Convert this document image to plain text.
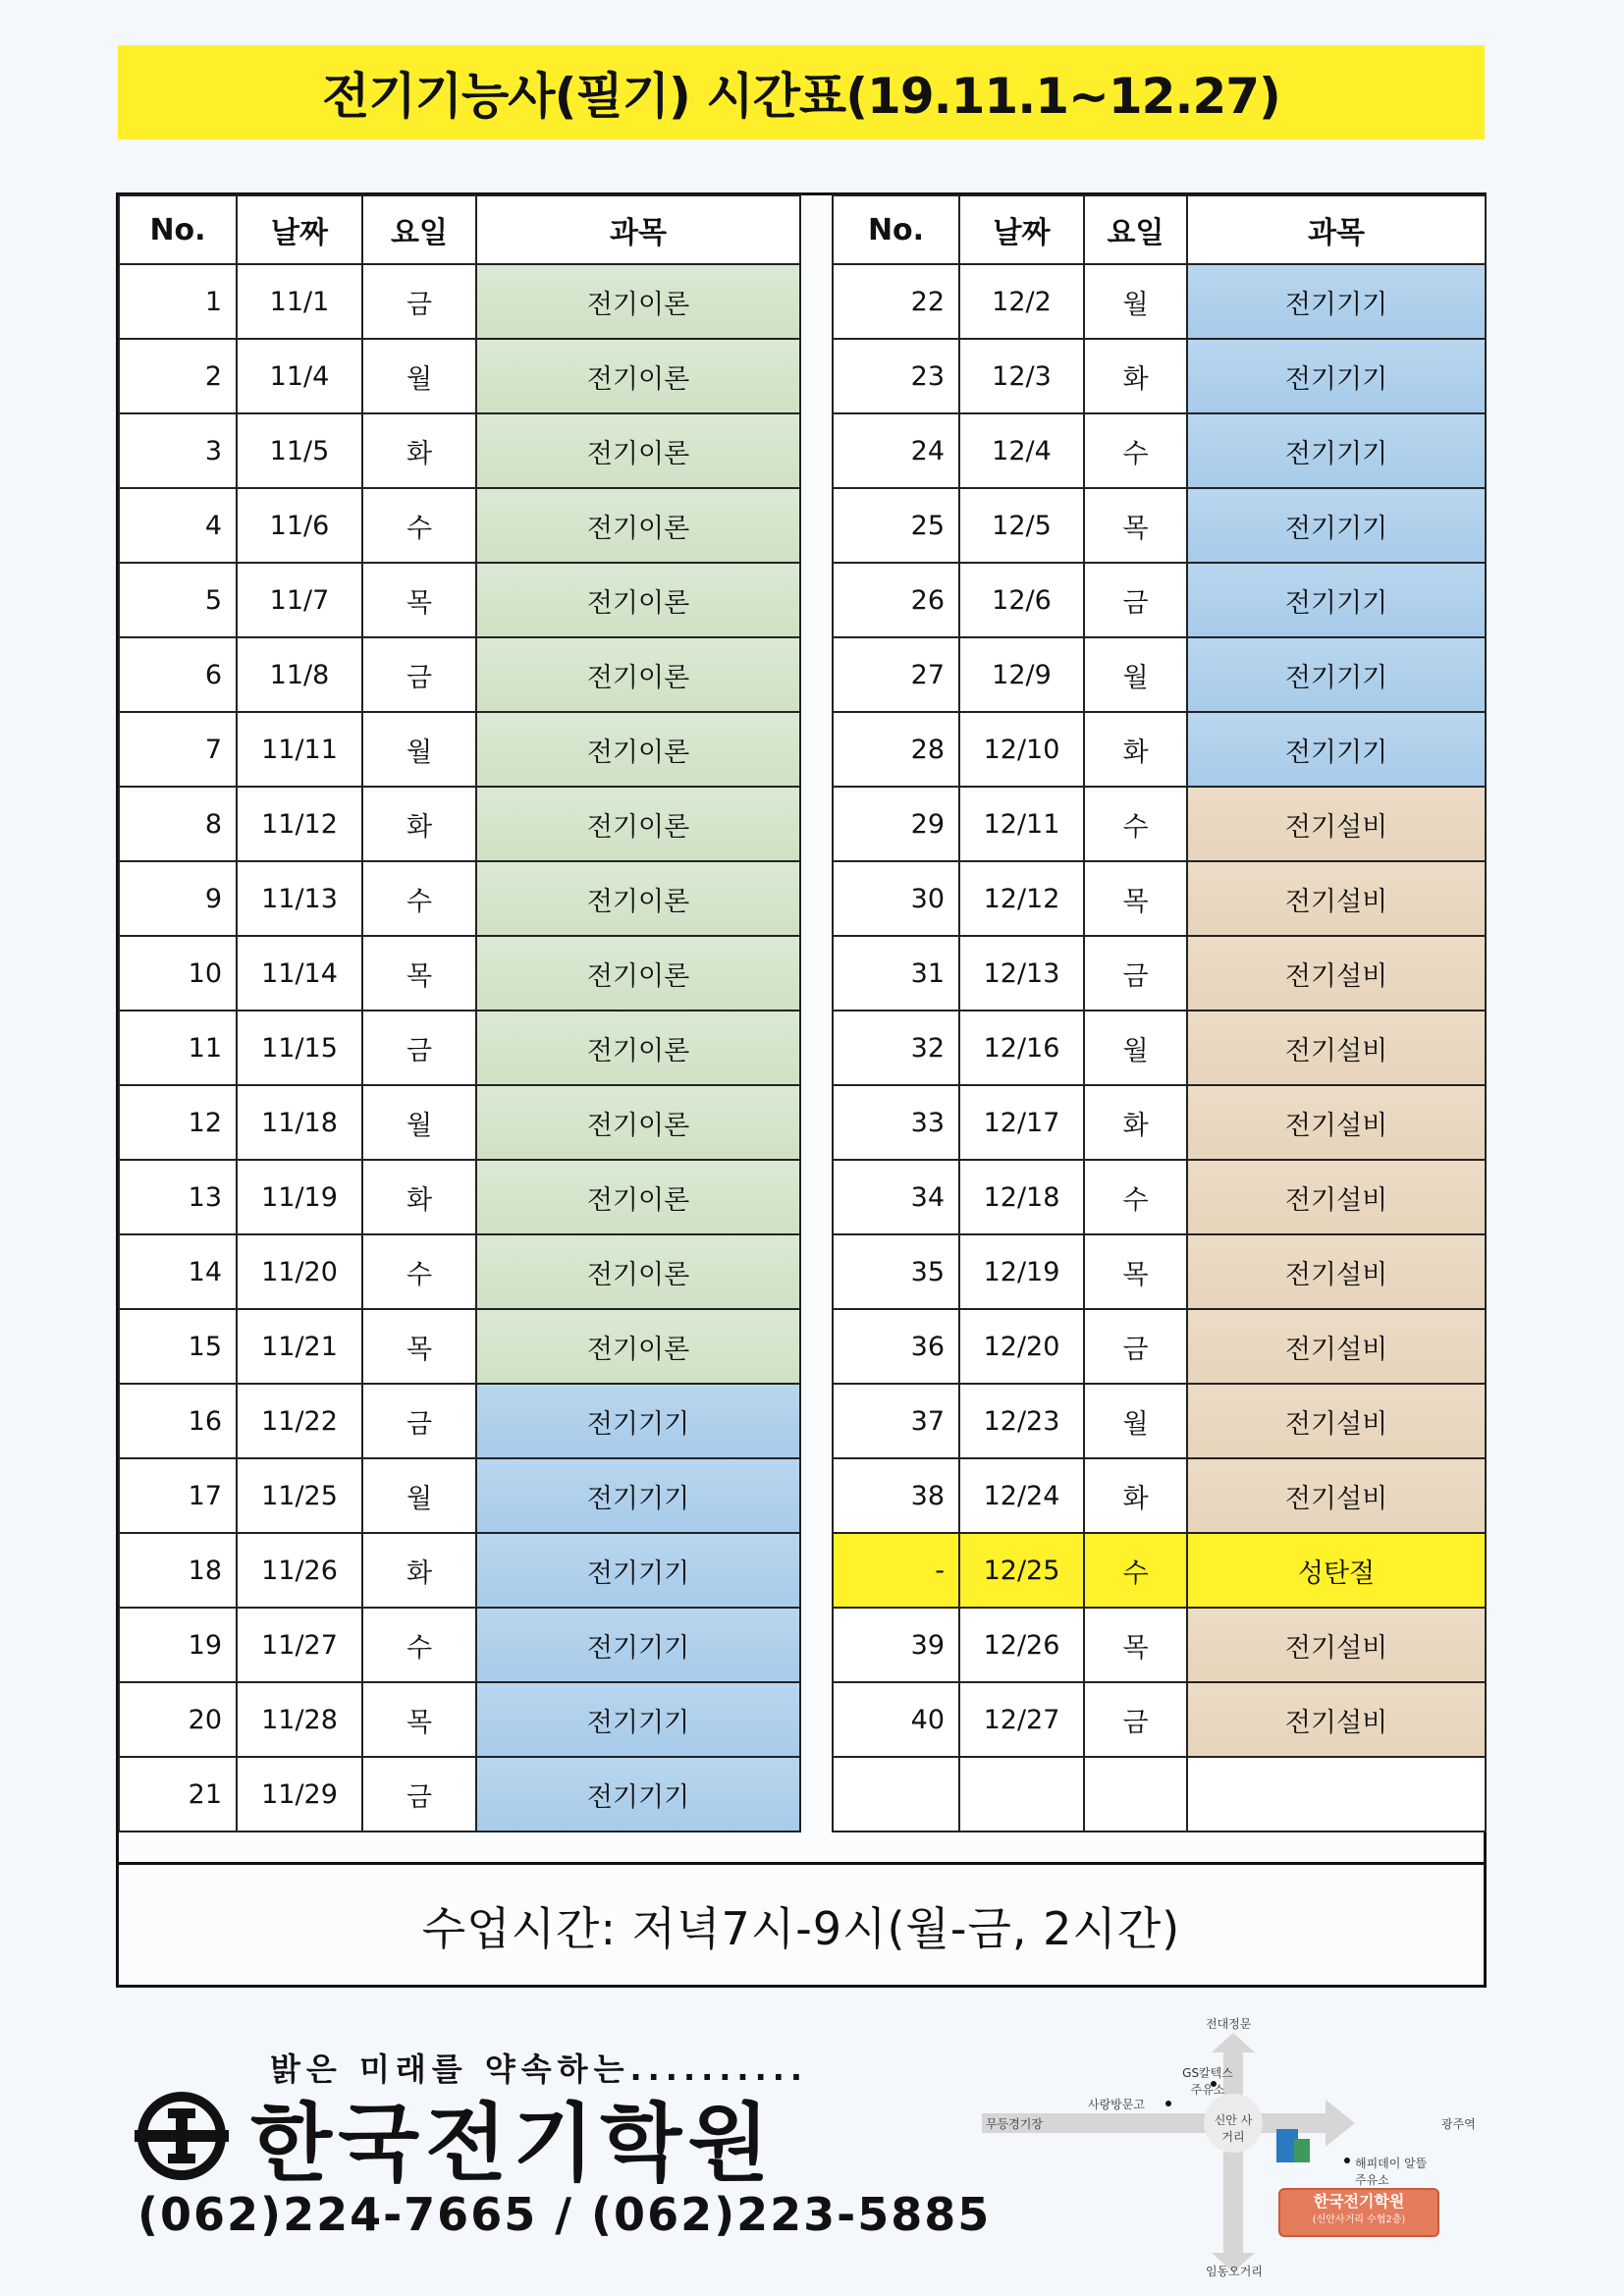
전기기능사(필기) 시간표(19.11.1~12.27)
No.	날짜	요일	과목
1	11/1	금	전기이론
2	11/4	월	전기이론
3	11/5	화	전기이론
4	11/6	수	전기이론
5	11/7	목	전기이론
6	11/8	금	전기이론
7	11/11	월	전기이론
8	11/12	화	전기이론
9	11/13	수	전기이론
10	11/14	목	전기이론
11	11/15	금	전기이론
12	11/18	월	전기이론
13	11/19	화	전기이론
14	11/20	수	전기이론
15	11/21	목	전기이론
16	11/22	금	전기기기
17	11/25	월	전기기기
18	11/26	화	전기기기
19	11/27	수	전기기기
20	11/28	목	전기기기
21	11/29	금	전기기기
No.	날짜	요일	과목
22	12/2	월	전기기기
23	12/3	화	전기기기
24	12/4	수	전기기기
25	12/5	목	전기기기
26	12/6	금	전기기기
27	12/9	월	전기기기
28	12/10	화	전기기기
29	12/11	수	전기설비
30	12/12	목	전기설비
31	12/13	금	전기설비
32	12/16	월	전기설비
33	12/17	화	전기설비
34	12/18	수	전기설비
35	12/19	목	전기설비
36	12/20	금	전기설비
37	12/23	월	전기설비
38	12/24	화	전기설비
-	12/25	수	성탄절
39	12/26	목	전기설비
40	12/27	금	전기설비

수업시간: 저녁7시-9시(월-금, 2시간)
밝은 미래를 약속하는..........
한국전기학원
(062)224-7665 / (062)223-5885
전대정문
GS칼텍스 주유소
사랑방문고
신안 사거리
무등경기장	광주역
해피데이 알뜰주유소
임동오거리
한국전기학원
(신안사거리 수협2층)
